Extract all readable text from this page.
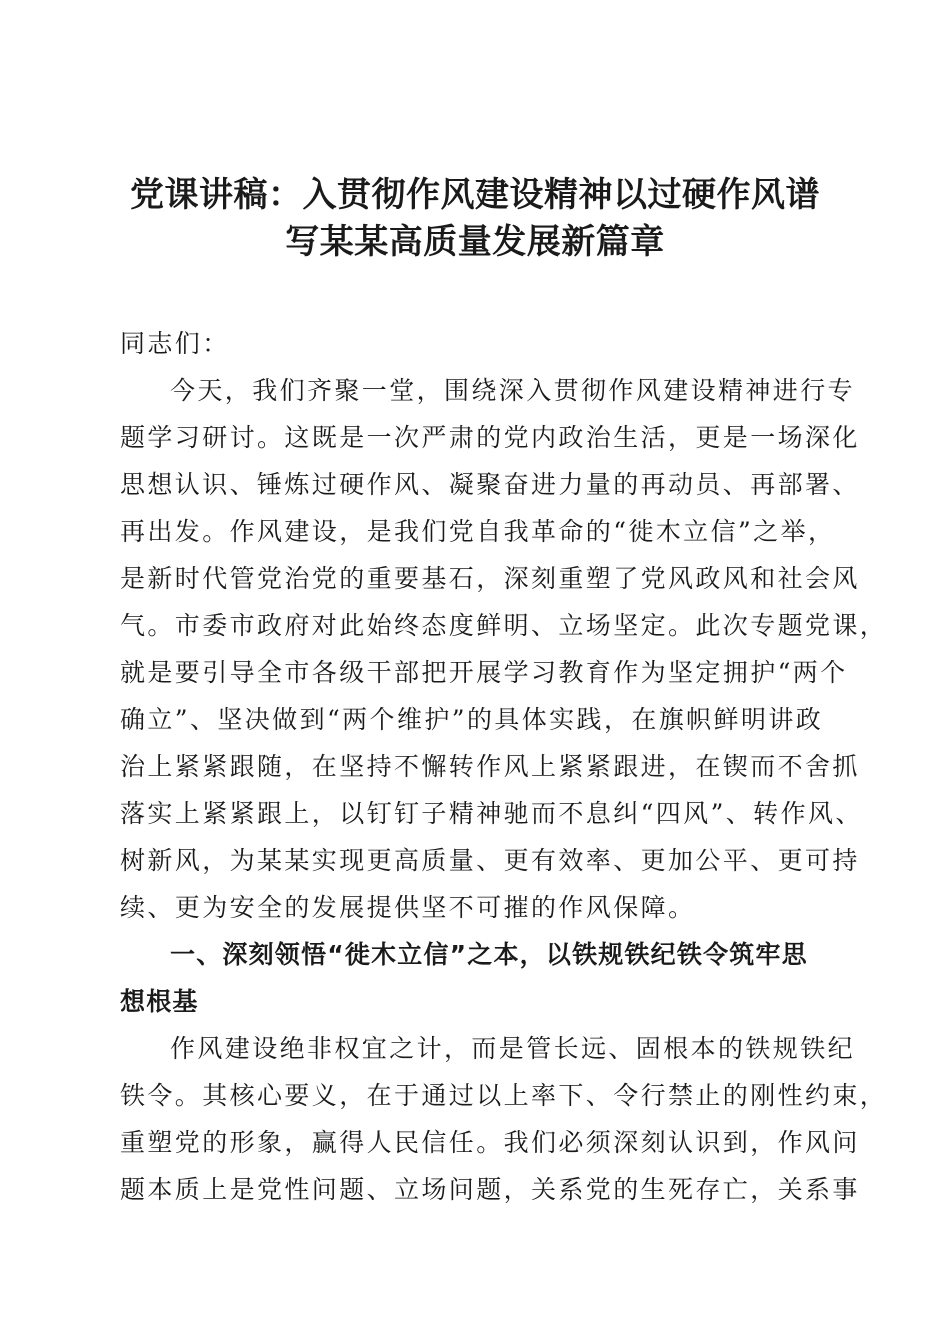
党课讲稿：入贯彻作风建设精神以过硬作风谱
写某某高质量发展新篇章

同志们：

今天，我们齐聚一堂，围绕深入贯彻作风建设精神进行专
题学习研讨。这既是一次严肃的党内政治生活，更是一场深化
思想认识、锤炼过硬作风、凝聚奋进力量的再动员、再部署、
再出发。作风建设，是我们党自我革命的“徙木立信”之举，
是新时代管党治党的重要基石，深刻重塑了党风政风和社会风
气。市委市政府对此始终态度鲜明、立场坚定。此次专题党课，
就是要引导全市各级干部把开展学习教育作为坚定拥护“两个
确立”、坚决做到“两个维护”的具体实践，在旗帜鲜明讲政
治上紧紧跟随，在坚持不懈转作风上紧紧跟进，在锲而不舍抓
落实上紧紧跟上，以钉钉子精神驰而不息纠“四风”、转作风、
树新风，为某某实现更高质量、更有效率、更加公平、更可持
续、更为安全的发展提供坚不可摧的作风保障。

一、深刻领悟“徙木立信”之本，以铁规铁纪铁令筑牢思
想根基

作风建设绝非权宜之计，而是管长远、固根本的铁规铁纪
铁令。其核心要义，在于通过以上率下、令行禁止的刚性约束，
重塑党的形象，赢得人民信任。我们必须深刻认识到，作风问
题本质上是党性问题、立场问题，关系党的生死存亡，关系事
